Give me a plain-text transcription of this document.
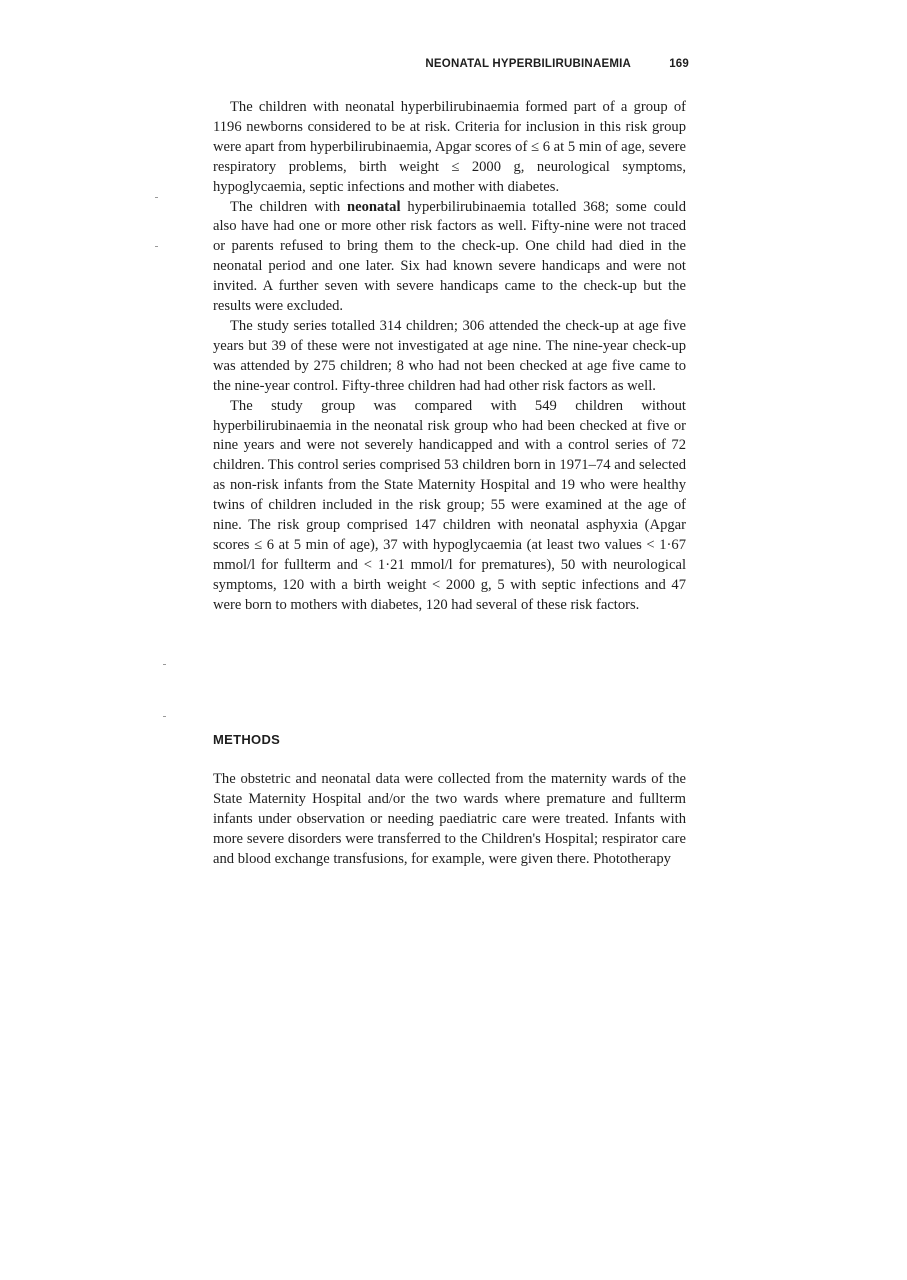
NEONATAL HYPERBILIRUBINAEMIA	169

The children with neonatal hyperbilirubinaemia formed part of a group of 1196 newborns considered to be at risk. Criteria for inclusion in this risk group were apart from hyperbilirubinaemia, Apgar scores of ≤ 6 at 5 min of age, severe respiratory problems, birth weight ≤ 2000 g, neurological symptoms, hypoglycaemia, septic infections and mother with diabetes.

The children with neonatal hyperbilirubinaemia totalled 368; some could also have had one or more other risk factors as well. Fifty-nine were not traced or parents refused to bring them to the check-up. One child had died in the neonatal period and one later. Six had known severe handicaps and were not invited. A further seven with severe handicaps came to the check-up but the results were excluded.

The study series totalled 314 children; 306 attended the check-up at age five years but 39 of these were not investigated at age nine. The nine-year check-up was attended by 275 children; 8 who had not been checked at age five came to the nine-year control. Fifty-three children had had other risk factors as well.

The study group was compared with 549 children without hyperbilirubinaemia in the neonatal risk group who had been checked at five or nine years and were not severely handicapped and with a control series of 72 children. This control series comprised 53 children born in 1971–74 and selected as non-risk infants from the State Maternity Hospital and 19 who were healthy twins of children included in the risk group; 55 were examined at the age of nine. The risk group comprised 147 children with neonatal asphyxia (Apgar scores ≤ 6 at 5 min of age), 37 with hypoglycaemia (at least two values < 1·67 mmol/l for fullterm and < 1·21 mmol/l for prematures), 50 with neurological symptoms, 120 with a birth weight < 2000 g, 5 with septic infections and 47 were born to mothers with diabetes, 120 had several of these risk factors.

METHODS

The obstetric and neonatal data were collected from the maternity wards of the State Maternity Hospital and/or the two wards where premature and fullterm infants under observation or needing paediatric care were treated. Infants with more severe disorders were transferred to the Children's Hospital; respirator care and blood exchange transfusions, for example, were given there. Phototherapy
